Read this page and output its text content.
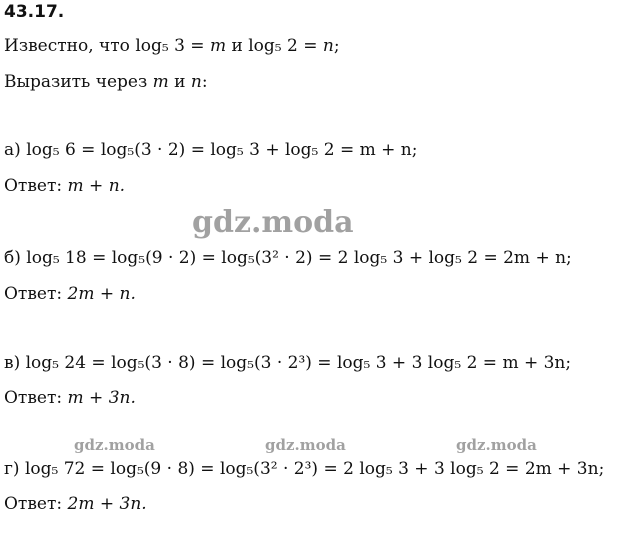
43.17.
Известно, что log₅ 3 = m и log₅ 2 = n;
Выразить через m и n:
а) log₅ 6 = log₅(3 · 2) = log₅ 3 + log₅ 2 = m + n;
Ответ: m + n.
gdz.moda
б) log₅ 18 = log₅(9 · 2) = log₅(3² · 2) = 2 log₅ 3 + log₅ 2 = 2m + n;
Ответ: 2m + n.
в) log₅ 24 = log₅(3 · 8) = log₅(3 · 2³) = log₅ 3 + 3 log₅ 2 = m + 3n;
Ответ: m + 3n.
gdz.moda	gdz.moda	gdz.moda
г) log₅ 72 = log₅(9 · 8) = log₅(3² · 2³) = 2 log₅ 3 + 3 log₅ 2 = 2m + 3n;
Ответ: 2m + 3n.
